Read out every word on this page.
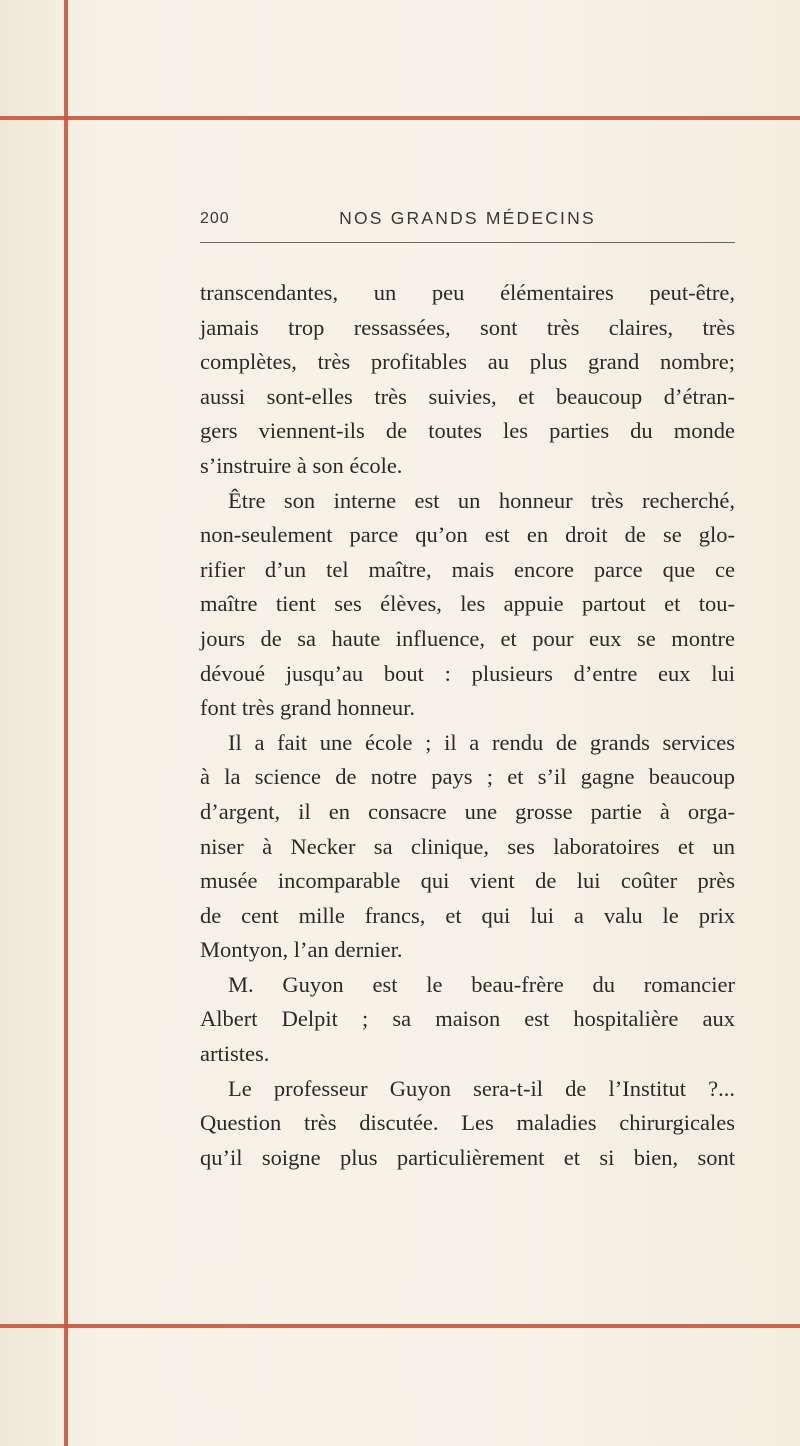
200	NOS GRANDS MÉDECINS
transcendantes, un peu élémentaires peut-être,
jamais trop ressassées, sont très claires, très
complètes, très profitables au plus grand nombre;
aussi sont-elles très suivies, et beaucoup d’étran-
gers viennent-ils de toutes les parties du monde
s’instruire à son école.
Être son interne est un honneur très recherché,
non-seulement parce qu’on est en droit de se glo-
rifier d’un tel maître, mais encore parce que ce
maître tient ses élèves, les appuie partout et tou-
jours de sa haute influence, et pour eux se montre
dévoué jusqu’au bout : plusieurs d’entre eux lui
font très grand honneur.
Il a fait une école ; il a rendu de grands services
à la science de notre pays ; et s’il gagne beaucoup
d’argent, il en consacre une grosse partie à orga-
niser à Necker sa clinique, ses laboratoires et un
musée incomparable qui vient de lui coûter près
de cent mille francs, et qui lui a valu le prix
Montyon, l’an dernier.
M. Guyon est le beau-frère du romancier
Albert Delpit ; sa maison est hospitalière aux
artistes.
Le professeur Guyon sera-t-il de l’Institut ?...
Question très discutée. Les maladies chirurgicales
qu’il soigne plus particulièrement et si bien, sont
